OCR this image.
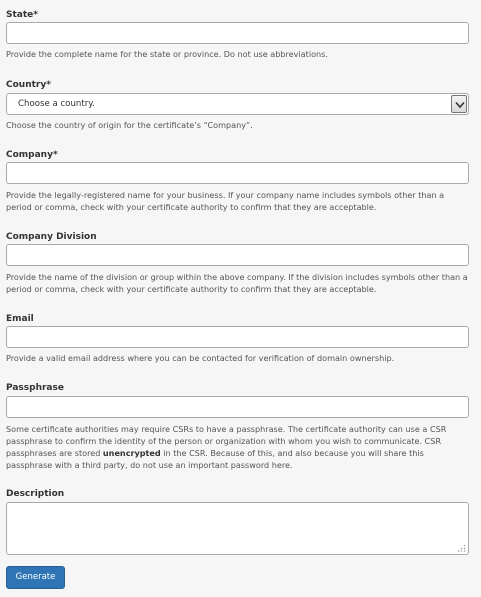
State*
Provide the complete name for the state or province. Do not use abbreviations.
Country*
Choose a country.
Choose the country of origin for the certificate’s “Company”.
Company*
Provide the legally-registered name for your business. If your company name includes symbols other than a period or comma, check with your certificate authority to confirm that they are acceptable.
Company Division
Provide the name of the division or group within the above company. If the division includes symbols other than a period or comma, check with your certificate authority to confirm that they are acceptable.
Email
Provide a valid email address where you can be contacted for verification of domain ownership.
Passphrase
Some certificate authorities may require CSRs to have a passphrase. The certificate authority can use a CSR passphrase to confirm the identity of the person or organization with whom you wish to communicate. CSR passphrases are stored unencrypted in the CSR. Because of this, and also because you will share this passphrase with a third party, do not use an important password here.
Description
Generate
